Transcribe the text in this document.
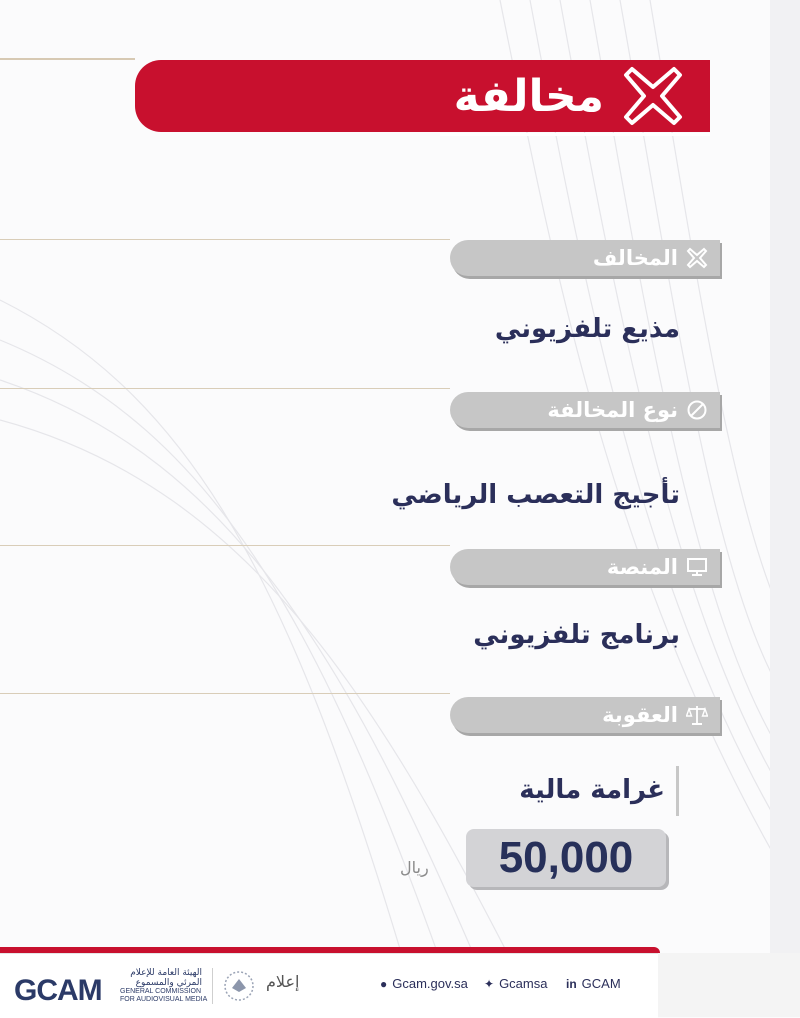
مخالفة
المخالف
مذيع تلفزيوني
نوع المخالفة
تأجيج التعصب الرياضي
المنصة
برنامج تلفزيوني
العقوبة
غرامة مالية
50,000
ريال
GCAM
الهيئة العامة للإعلام المرئي والمسموع
GENERAL COMMISSION FOR AUDIOVISUAL MEDIA
إعلام	● Gcam.gov.sa ✦ Gcamsa in GCAM
